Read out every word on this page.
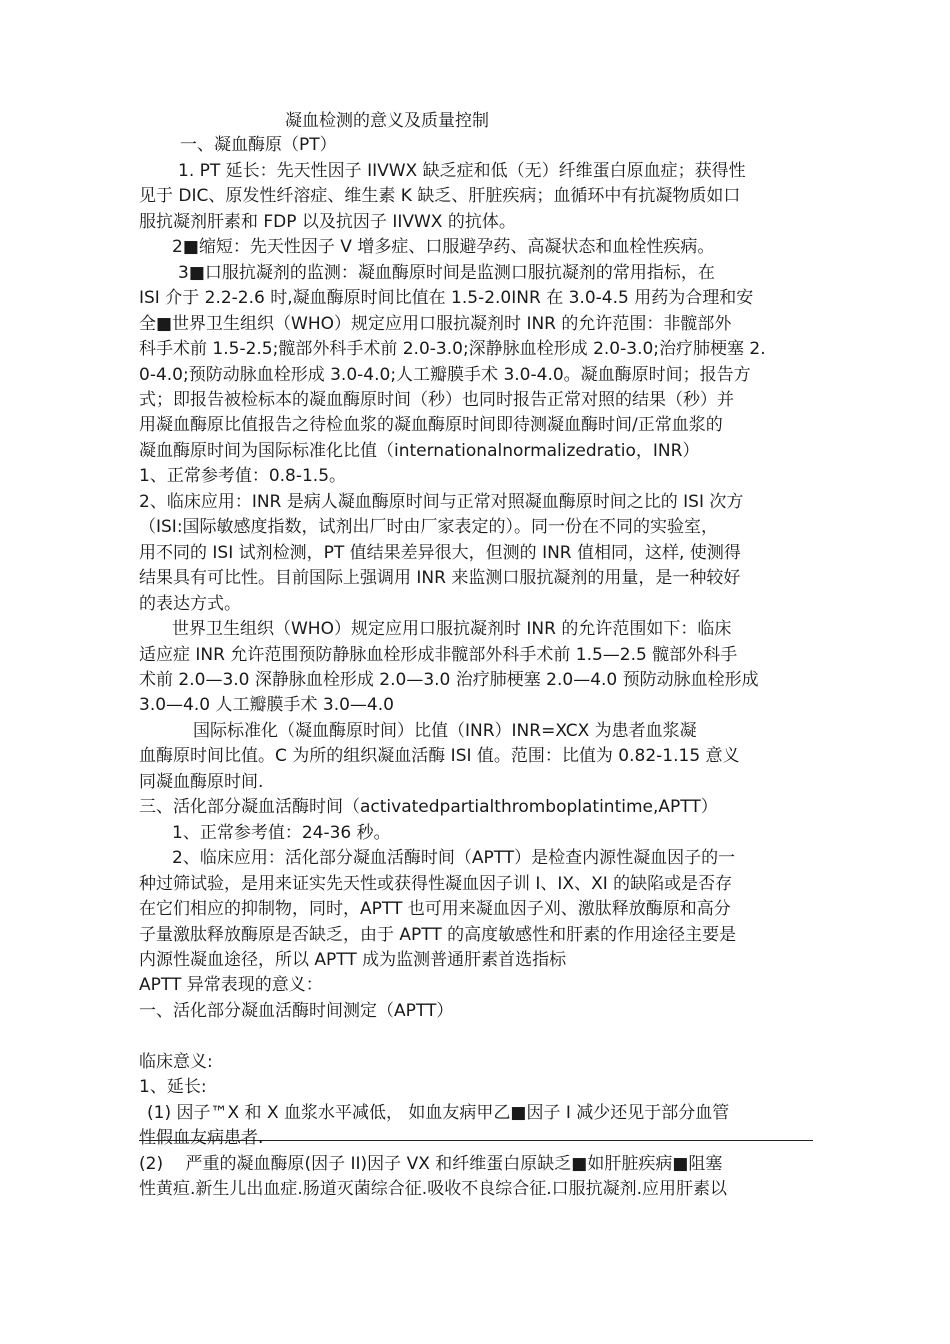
凝血检测的意义及质量控制
一、凝血酶原（PT）
1. PT 延长：先天性因子 IIVWX 缺乏症和低（无）纤维蛋白原血症；获得性
见于 DIC、原发性纤溶症、维生素 K 缺乏、肝脏疾病；血循环中有抗凝物质如口
服抗凝剂肝素和 FDP 以及抗因子 IIVWX 的抗体。
2■缩短：先天性因子 V 增多症、口服避孕药、高凝状态和血栓性疾病。
3■口服抗凝剂的监测：凝血酶原时间是监测口服抗凝剂的常用指标，在
ISI 介于 2.2-2.6 时,凝血酶原时间比值在 1.5-2.0INR 在 3.0-4.5 用药为合理和安
全■世界卫生组织（WHO）规定应用口服抗凝剂时 INR 的允许范围：非髋部外
科手术前 1.5-2.5;髋部外科手术前 2.0-3.0;深静脉血栓形成 2.0-3.0;治疗肺梗塞 2.
0-4.0;预防动脉血栓形成 3.0-4.0;人工瓣膜手术 3.0-4.0。凝血酶原时间；报告方
式；即报告被检标本的凝血酶原时间（秒）也同时报告正常对照的结果（秒）并
用凝血酶原比值报告之待检血浆的凝血酶原时间即待测凝血酶时间/正常血浆的
凝血酶原时间为国际标准化比值（internationalnormalizedratio，INR）
1、正常参考值：0.8-1.5。
2、临床应用：INR 是病人凝血酶原时间与正常对照凝血酶原时间之比的 ISI 次方
（ISI:国际敏感度指数，试剂出厂时由厂家表定的）。同一份在不同的实验室，
用不同的 ISI 试剂检测，PT 值结果差异很大，但测的 INR 值相同，这样, 使测得
结果具有可比性。目前国际上强调用 INR 来监测口服抗凝剂的用量，是一种较好
的表达方式。
世界卫生组织（WHO）规定应用口服抗凝剂时 INR 的允许范围如下：临床
适应症 INR 允许范围预防静脉血栓形成非髋部外科手术前 1.5—2.5 髋部外科手
术前 2.0—3.0 深静脉血栓形成 2.0—3.0 治疗肺梗塞 2.0—4.0 预防动脉血栓形成
3.0—4.0 人工瓣膜手术 3.0—4.0
国际标准化（凝血酶原时间）比值（INR）INR=XCX 为患者血浆凝
血酶原时间比值。C 为所的组织凝血活酶 ISI 值。范围：比值为 0.82-1.15 意义
同凝血酶原时间.
三、活化部分凝血活酶时间（activatedpartialthromboplatintime,APTT）
1、正常参考值：24-36 秒。
2、临床应用：活化部分凝血活酶时间（APTT）是检查内源性凝血因子的一
种过筛试验，是用来证实先天性或获得性凝血因子训 I、IX、XI 的缺陷或是否存
在它们相应的抑制物，同时，APTT 也可用来凝血因子刈、激肽释放酶原和高分
子量激肽释放酶原是否缺乏，由于 APTT 的高度敏感性和肝素的作用途径主要是
内源性凝血途径，所以 APTT 成为监测普通肝素首选指标
APTT 异常表现的意义：
一、活化部分凝血活酶时间测定（APTT）
临床意义:
1、延长:
(1) 因子™X 和 X 血浆水平减低， 如血友病甲乙■因子 I 减少还见于部分血管
性假血友病患者.
(2)　 严重的凝血酶原(因子 II)因子 VX 和纤维蛋白原缺乏■如肝脏疾病■阻塞
性黄疸.新生儿出血症.肠道灭菌综合征.吸收不良综合征.口服抗凝剂.应用肝素以
